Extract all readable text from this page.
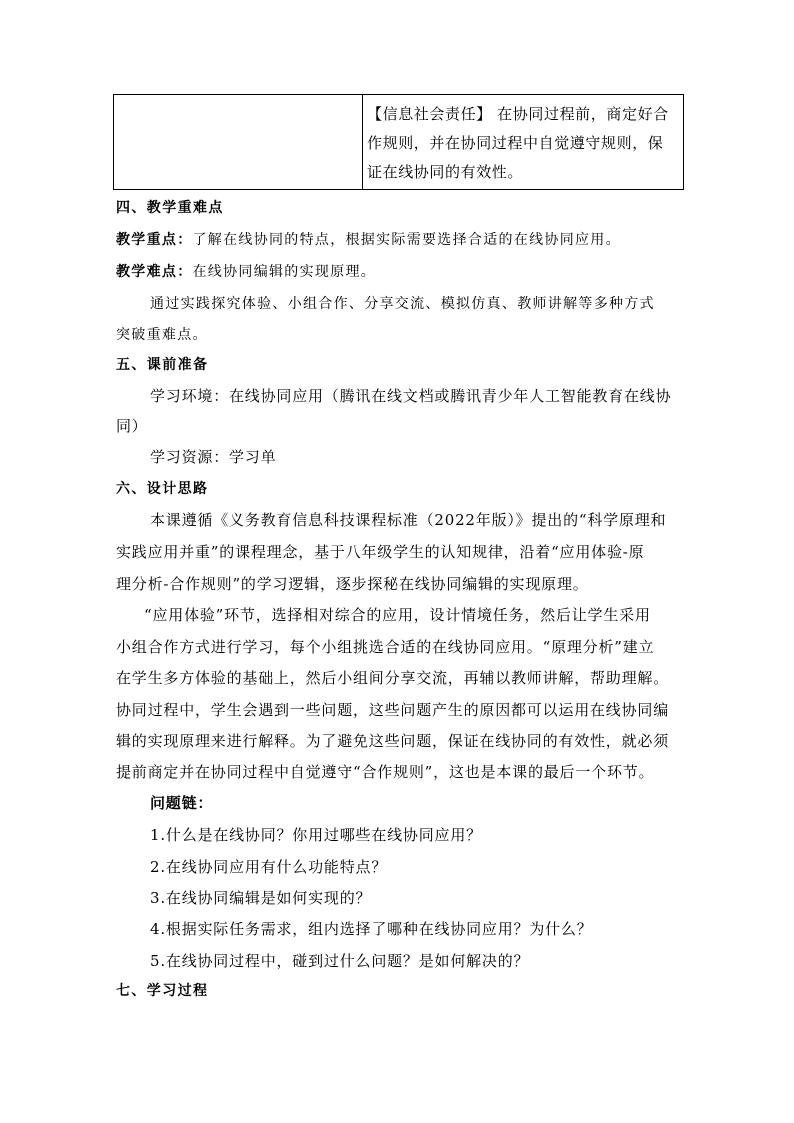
【信息社会责任】 在协同过程前，商定好合
作规则，并在协同过程中自觉遵守规则，保
证在线协同的有效性。

四、教学重难点

教学重点：了解在线协同的特点，根据实际需要选择合适的在线协同应用。

教学难点：在线协同编辑的实现原理。

通过实践探究体验、小组合作、分享交流、模拟仿真、教师讲解等多种方式

突破重难点。

五、课前准备

学习环境：在线协同应用（腾讯在线文档或腾讯青少年人工智能教育在线协

同）

学习资源：学习单

六、设计思路

本课遵循《义务教育信息科技课程标准（2022年版）》提出的“科学原理和

实践应用并重”的课程理念，基于八年级学生的认知规律，沿着“应用体验-原

理分析-合作规则”的学习逻辑，逐步探秘在线协同编辑的实现原理。

“应用体验”环节，选择相对综合的应用，设计情境任务，然后让学生采用

小组合作方式进行学习，每个小组挑选合适的在线协同应用。“原理分析”建立

在学生多方体验的基础上，然后小组间分享交流，再辅以教师讲解，帮助理解。

协同过程中，学生会遇到一些问题，这些问题产生的原因都可以运用在线协同编

辑的实现原理来进行解释。为了避免这些问题，保证在线协同的有效性，就必须

提前商定并在协同过程中自觉遵守“合作规则”，这也是本课的最后一个环节。

问题链：

1.什么是在线协同？你用过哪些在线协同应用？

2.在线协同应用有什么功能特点？

3.在线协同编辑是如何实现的？

4.根据实际任务需求，组内选择了哪种在线协同应用？为什么？

5.在线协同过程中，碰到过什么问题？是如何解决的？

七、学习过程
